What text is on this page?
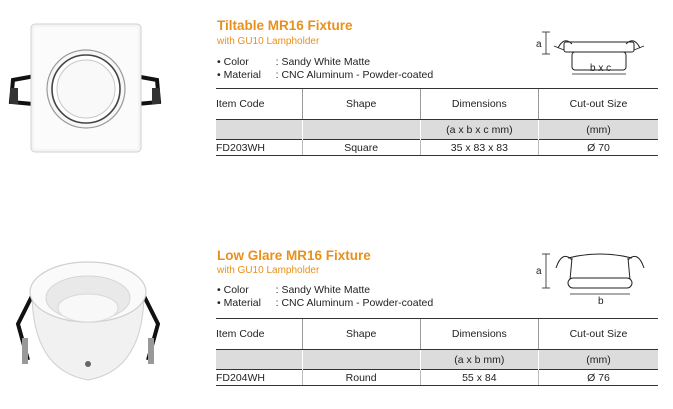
Tiltable MR16 Fixture
with GU10 Lampholder
• Color	: Sandy White Matte
• Material : CNC Aluminum - Powder-coated
a
b x c
Item Code	Shape	Dimensions	Cut-out Size
		(a x b x c mm)	(mm)
FD203WH	Square	35 x 83 x 83	Ø 70
Low Glare MR16 Fixture
with GU10 Lampholder
• Color	: Sandy White Matte
• Material : CNC Aluminum - Powder-coated
a
b
Item Code	Shape	Dimensions	Cut-out Size
		(a x b mm)	(mm)
FD204WH	Round	55 x 84	Ø 76
